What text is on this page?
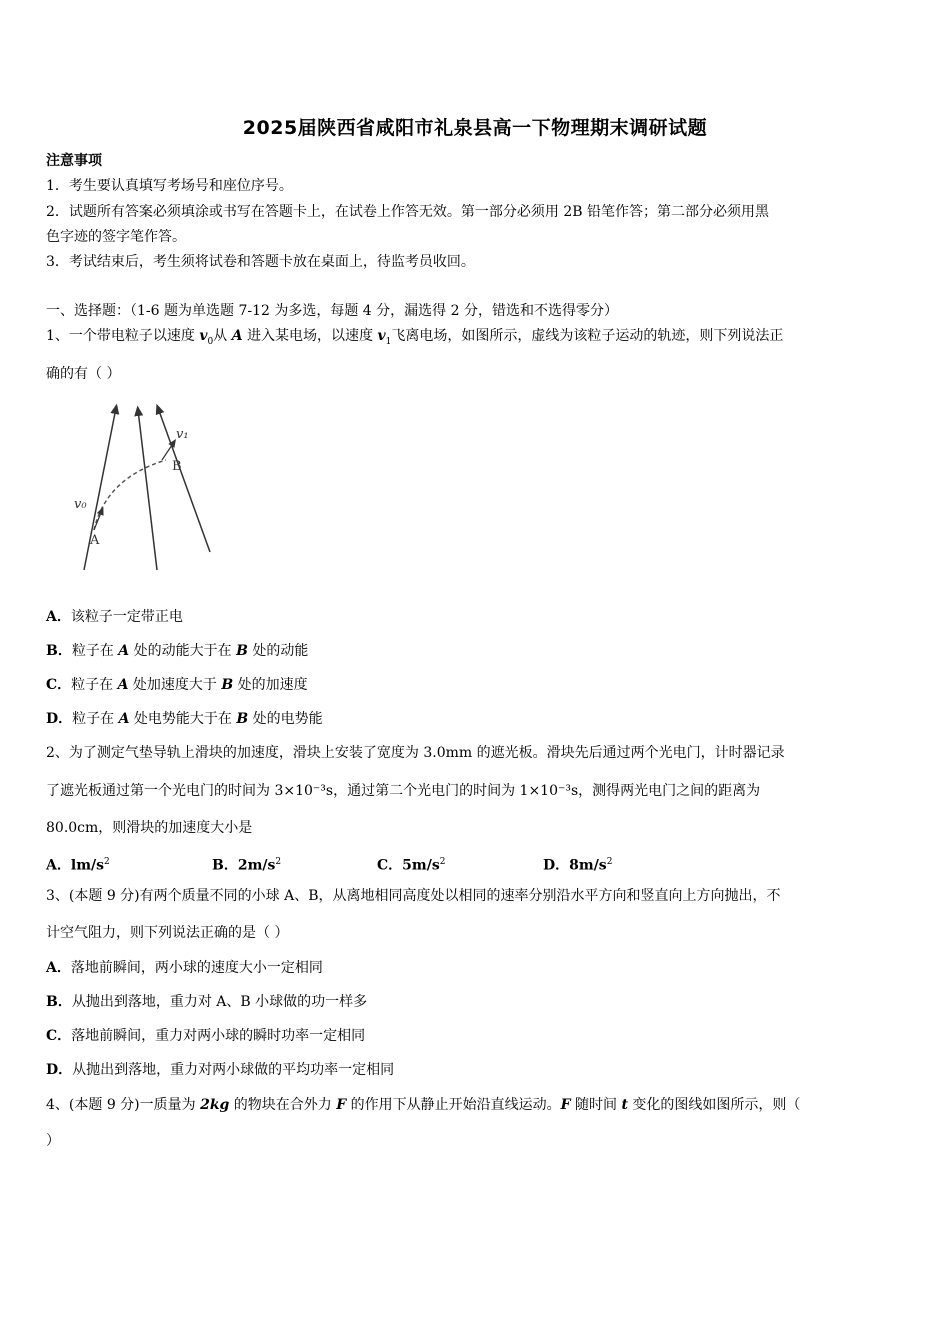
2025届陕西省咸阳市礼泉县高一下物理期末调研试题
注意事项
1．考生要认真填写考场号和座位序号。
2．试题所有答案必须填涂或书写在答题卡上，在试卷上作答无效。第一部分必须用 2B 铅笔作答；第二部分必须用黑
色字迹的签字笔作答。
3．考试结束后，考生须将试卷和答题卡放在桌面上，待监考员收回。
一、选择题：（1-6 题为单选题 7-12 为多选，每题 4 分，漏选得 2 分，错选和不选得零分）
1、一个带电粒子以速度 $v_0$从 A 进入某电场，以速度 $v_1$飞离电场，如图所示，虚线为该粒子运动的轨迹，则下列说法正
确的有（ ）
v₀
v₁
A
B
A．该粒子一定带正电
B．粒子在 A 处的动能大于在 B 处的动能
C．粒子在 A 处加速度大于 B 处的加速度
D．粒子在 A 处电势能大于在 B 处的电势能
2、为了测定气垫导轨上滑块的加速度，滑块上安装了宽度为 3.0mm 的遮光板。滑块先后通过两个光电门，计时器记录
了遮光板通过第一个光电门的时间为 3×10⁻³s，通过第二个光电门的时间为 1×10⁻³s，测得两光电门之间的距离为
80.0cm，则滑块的加速度大小是
A．$lm/s^2$	B．$2m/s^2$	C．$5m/s^2$	D．$8m/s^2$
3、(本题 9 分)有两个质量不同的小球 A、B，从离地相同高度处以相同的速率分别沿水平方向和竖直向上方向抛出，不
计空气阻力，则下列说法正确的是（ ）
A．落地前瞬间，两小球的速度大小一定相同
B．从抛出到落地，重力对 A、B 小球做的功一样多
C．落地前瞬间，重力对两小球的瞬时功率一定相同
D．从抛出到落地，重力对两小球做的平均功率一定相同
4、(本题 9 分)一质量为 2kg 的物块在合外力 F 的作用下从静止开始沿直线运动。F 随时间 t 变化的图线如图所示，则（
）
